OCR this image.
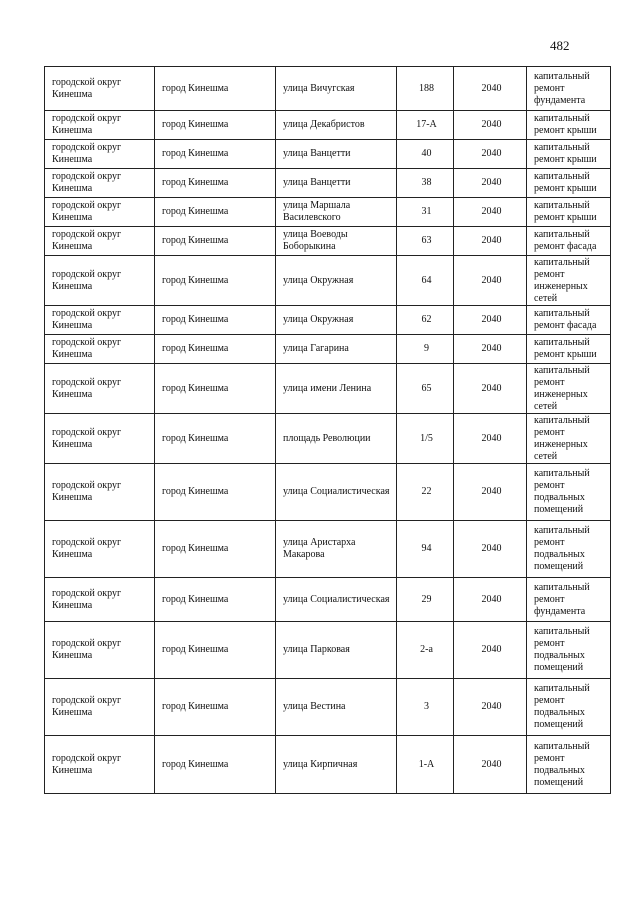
482
городской округ Кинешма	город Кинешма	улица Вичугская	188	2040	капитальный ремонт фундамента
городской округ Кинешма	город Кинешма	улица Декабристов	17-А	2040	капитальный ремонт крыши
городской округ Кинешма	город Кинешма	улица Ванцетти	40	2040	капитальный ремонт крыши
городской округ Кинешма	город Кинешма	улица Ванцетти	38	2040	капитальный ремонт крыши
городской округ Кинешма	город Кинешма	улица Маршала Василевского	31	2040	капитальный ремонт крыши
городской округ Кинешма	город Кинешма	улица Воеводы Боборыкина	63	2040	капитальный ремонт фасада
городской округ Кинешма	город Кинешма	улица Окружная	64	2040	капитальный ремонт инженерных сетей
городской округ Кинешма	город Кинешма	улица Окружная	62	2040	капитальный ремонт фасада
городской округ Кинешма	город Кинешма	улица Гагарина	9	2040	капитальный ремонт крыши
городской округ Кинешма	город Кинешма	улица имени Ленина	65	2040	капитальный ремонт инженерных сетей
городской округ Кинешма	город Кинешма	площадь Революции	1/5	2040	капитальный ремонт инженерных сетей
городской округ Кинешма	город Кинешма	улица Социалистическая	22	2040	капитальный ремонт подвальных помещений
городской округ Кинешма	город Кинешма	улица Аристарха Макарова	94	2040	капитальный ремонт подвальных помещений
городской округ Кинешма	город Кинешма	улица Социалистическая	29	2040	капитальный ремонт фундамента
городской округ Кинешма	город Кинешма	улица Парковая	2-а	2040	капитальный ремонт подвальных помещений
городской округ Кинешма	город Кинешма	улица Вестина	3	2040	капитальный ремонт подвальных помещений
городской округ Кинешма	город Кинешма	улица Кирпичная	1-А	2040	капитальный ремонт подвальных помещений
